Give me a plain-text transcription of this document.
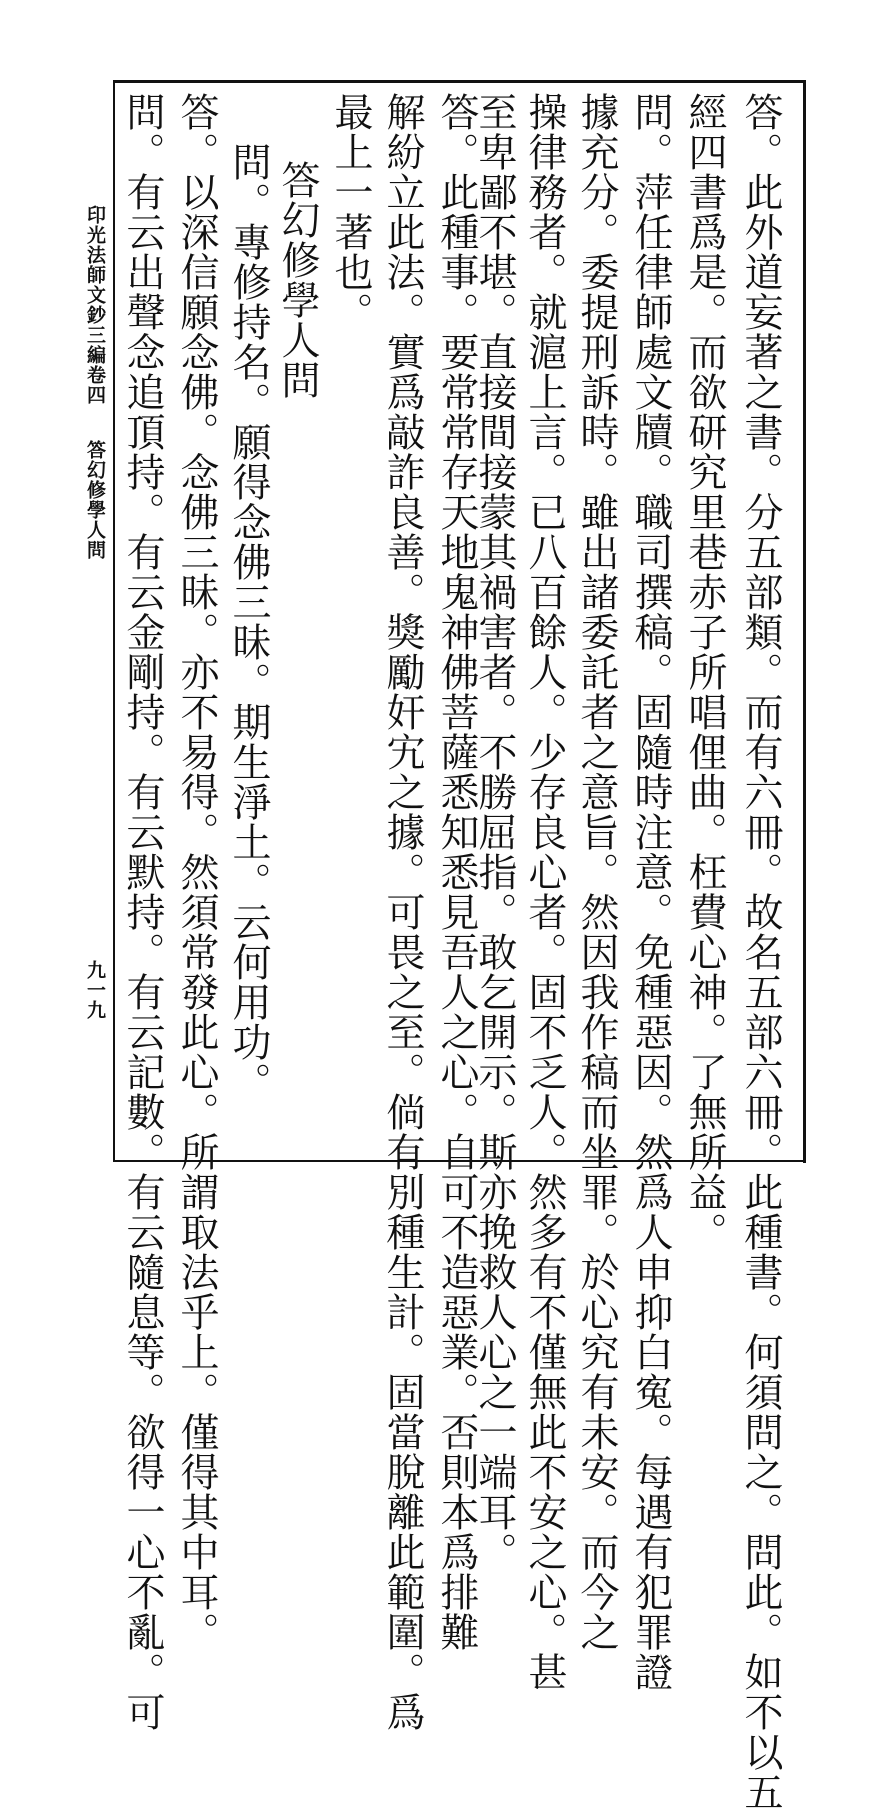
答。此外道妄著之書。分五部類。而有六冊。故名五部六冊。此種書。何須問之。問此。如不以五
經四書爲是。而欲研究里巷赤子所唱俚曲。枉費心神。了無所益。
問。萍任律師處文牘。職司撰稿。固隨時注意。免種惡因。然爲人申抑白寃。每遇有犯罪證
據充分。委提刑訴時。雖出諸委託者之意旨。然因我作稿而坐罪。於心究有未安。而今之
操律務者。就滬上言。已八百餘人。少存良心者。固不乏人。然多有不僅無此不安之心。甚
至卑鄙不堪。直接間接蒙其禍害者。不勝屈指。敢乞開示。斯亦挽救人心之一端耳。
答。此種事。要常常存天地鬼神佛菩薩悉知悉見吾人之心。自可不造惡業。否則本爲排難
解紛立此法。實爲敲詐良善。獎勵奸宄之據。可畏之至。倘有別種生計。固當脫離此範圍。爲
最上一著也。
答幻修學人問
問。專修持名。願得念佛三昧。期生淨土。云何用功。
答。以深信願念佛。念佛三昧。亦不易得。然須常發此心。所謂取法乎上。僅得其中耳。
問。有云出聲念追頂持。有云金剛持。有云默持。有云記數。有云隨息等。欲得一心不亂。可
印光法師文鈔三編卷四
答幻修學人問
九一九
